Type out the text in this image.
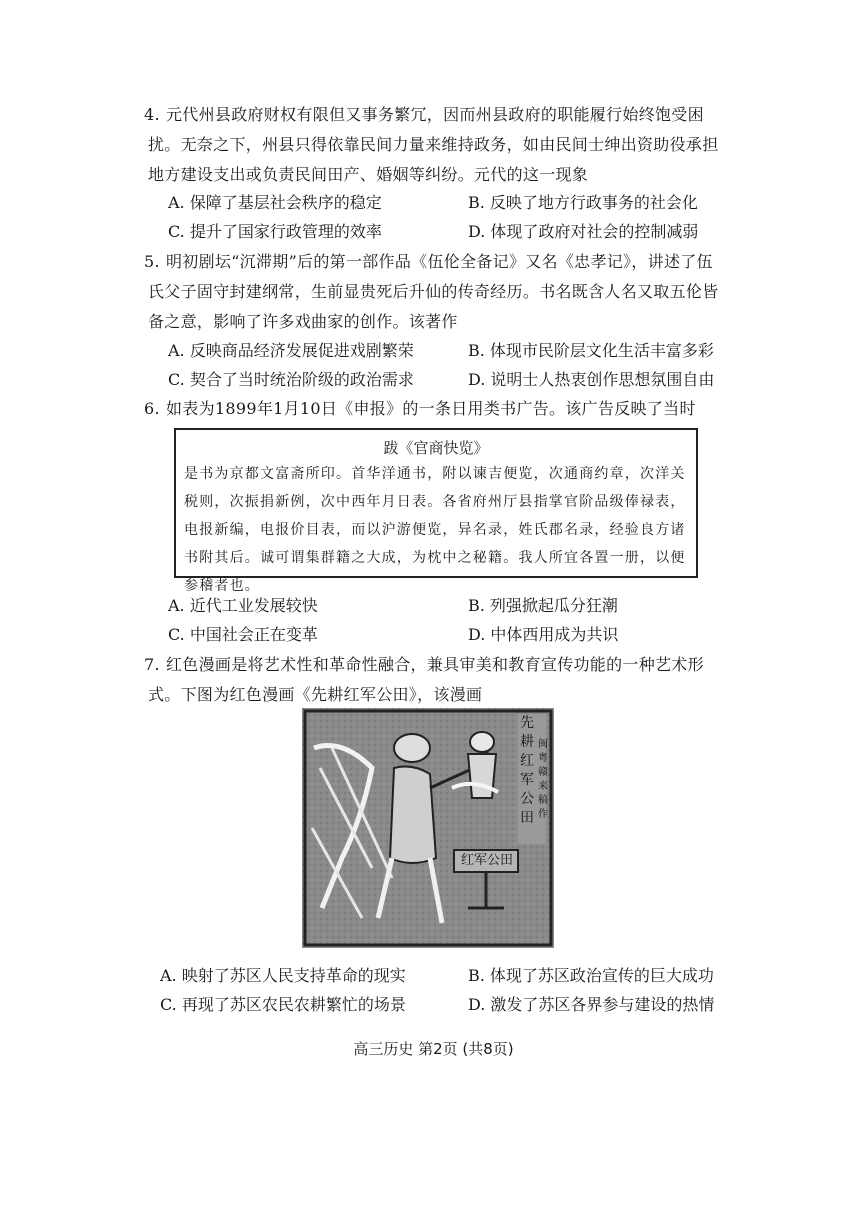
4. 元代州县政府财权有限但又事务繁冗，因而州县政府的职能履行始终饱受困扰。无奈之下，州县只得依靠民间力量来维持政务，如由民间士绅出资助役承担地方建设支出或负责民间田产、婚姻等纠纷。元代的这一现象
A. 保障了基层社会秩序的稳定	B. 反映了地方行政事务的社会化
C. 提升了国家行政管理的效率	D. 体现了政府对社会的控制减弱
5. 明初剧坛“沉滞期”后的第一部作品《伍伦全备记》又名《忠孝记》，讲述了伍氏父子固守封建纲常，生前显贵死后升仙的传奇经历。书名既含人名又取五伦皆备之意，影响了许多戏曲家的创作。该著作
A. 反映商品经济发展促进戏剧繁荣	B. 体现市民阶层文化生活丰富多彩
C. 契合了当时统治阶级的政治需求	D. 说明士人热衷创作思想氛围自由
6. 如表为1899年1月10日《申报》的一条日用类书广告。该广告反映了当时
跋《官商快览》
是书为京都文富斋所印。首华洋通书，附以谏吉便览，次通商约章，次洋关税则，次振捐新例，次中西年月日表。各省府州厅县指掌官阶品级俸禄表，电报新编，电报价目表，而以沪游便览，异名录，姓氏郡名录，经验良方诸书附其后。诚可谓集群籍之大成，为枕中之秘籍。我人所宜各置一册，以便参稽者也。
A. 近代工业发展较快	B. 列强掀起瓜分狂潮
C. 中国社会正在变革	D. 中体西用成为共识
7. 红色漫画是将艺术性和革命性融合，兼具审美和教育宣传功能的一种艺术形式。下图为红色漫画《先耕红军公田》，该漫画
先耕红军公田
闽粤赣来稿作
红军公田
A. 映射了苏区人民支持革命的现实	B. 体现了苏区政治宣传的巨大成功
C. 再现了苏区农民农耕繁忙的场景	D. 激发了苏区各界参与建设的热情
高三历史 第2页 (共8页)
